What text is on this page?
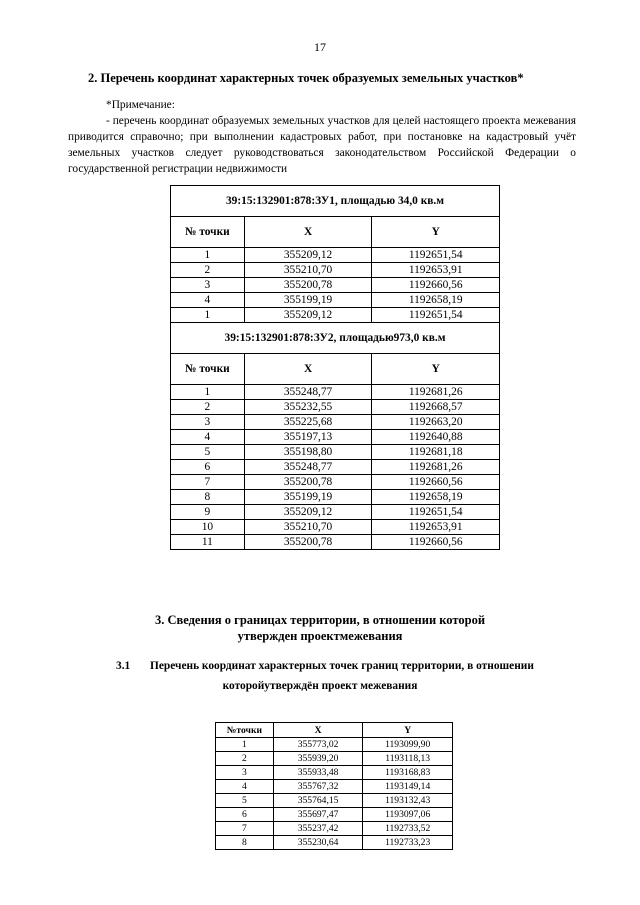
17
2. Перечень координат характерных точек образуемых земельных участков*
*Примечание:
- перечень координат образуемых земельных участков для целей настоящего проекта межевания приводится справочно; при выполнении кадастровых работ, при постановке на кадастровый учёт земельных участков следует руководствоваться законодательством Российской Федерации о государственной регистрации недвижимости
39:15:132901:878:ЗУ1, площадью 34,0 кв.м		
№ точки	X	Y
1	355209,12	1192651,54
2	355210,70	1192653,91
3	355200,78	1192660,56
4	355199,19	1192658,19
1	355209,12	1192651,54
39:15:132901:878:ЗУ2, площадью973,0 кв.м		
№ точки	X	Y
1	355248,77	1192681,26
2	355232,55	1192668,57
3	355225,68	1192663,20
4	355197,13	1192640,88
5	355198,80	1192681,18
6	355248,77	1192681,26
7	355200,78	1192660,56
8	355199,19	1192658,19
9	355209,12	1192651,54
10	355210,70	1192653,91
11	355200,78	1192660,56
3. Сведения о границах территории, в отношении которой
утвержден проектмежевания
3.1 Перечень координат характерных точек границ территории, в отношении
которойутверждён проект межевания
№точки	X	Y
1	355773,02	1193099,90
2	355939,20	1193118,13
3	355933,48	1193168,83
4	355767,32	1193149,14
5	355764,15	1193132,43
6	355697,47	1193097,06
7	355237,42	1192733,52
8	355230,64	1192733,23
